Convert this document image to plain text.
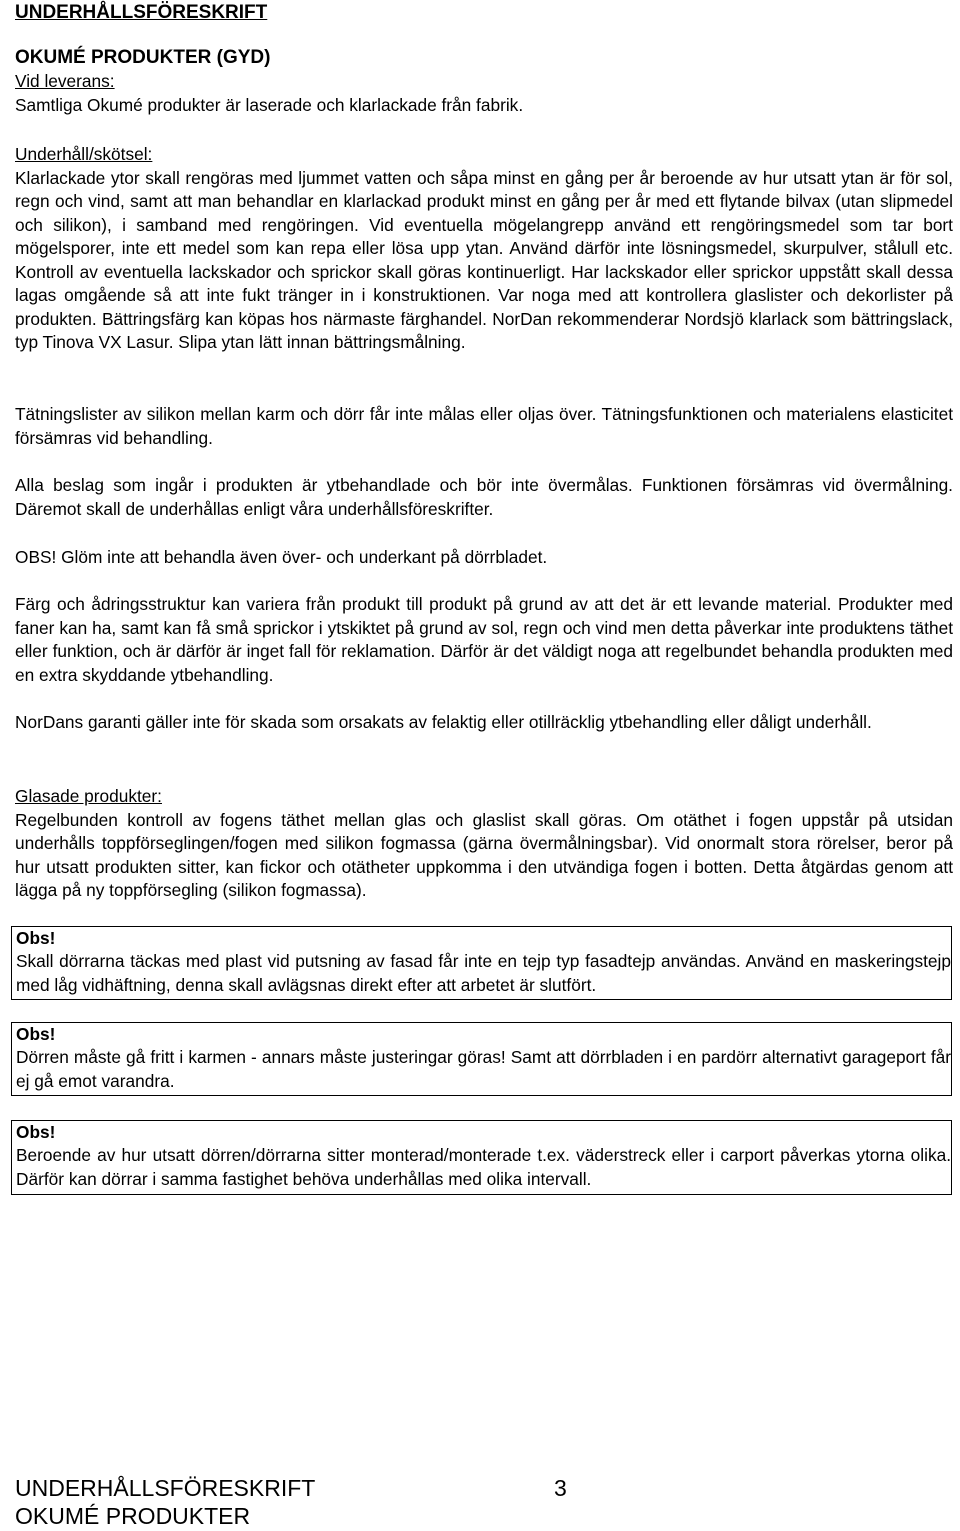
UNDERHÅLLSFÖRESKRIFT
OKUMÉ PRODUKTER (GYD)
Vid leverans:
Samtliga Okumé produkter är laserade och klarlackade från fabrik.
Underhåll/skötsel:

Klarlackade ytor skall rengöras med ljummet vatten och såpa minst en gång per år beroende av hur utsatt ytan är för sol, regn och vind, samt att man behandlar en klarlackad produkt minst en gång per år med ett flytande bilvax (utan slipmedel och silikon), i samband med rengöringen. Vid eventuella mögelangrepp använd ett rengöringsmedel som tar bort mögelsporer, inte ett medel som kan repa eller lösa upp ytan. Använd därför inte lösningsmedel, skurpulver, stålull etc. Kontroll av eventuella lackskador och sprickor skall göras kontinuerligt. Har lackskador eller sprickor uppstått skall dessa lagas omgående så att inte fukt tränger in i konstruktionen. Var noga med att kontrollera glaslister och dekorlister på produkten. Bättringsfärg kan köpas hos närmaste färghandel. NorDan rekommenderar Nordsjö klarlack som bättringslack, typ Tinova VX Lasur. Slipa ytan lätt innan bättringsmålning.

Tätningslister av silikon mellan karm och dörr får inte målas eller oljas över. Tätningsfunktionen och materialens elasticitet försämras vid behandling.

Alla beslag som ingår i produkten är ytbehandlade och bör inte övermålas. Funktionen försämras vid övermålning. Däremot skall de underhållas enligt våra underhållsföreskrifter.

OBS! Glöm inte att behandla även över- och underkant på dörrbladet.

Färg och ådringsstruktur kan variera från produkt till produkt på grund av att det är ett levande material. Produkter med faner kan ha, samt kan få små sprickor i ytskiktet på grund av sol, regn och vind men detta påverkar inte produktens täthet eller funktion, och är därför är inget fall för reklamation. Därför är det väldigt noga att regelbundet behandla produkten med en extra skyddande ytbehandling.

NorDans garanti gäller inte för skada som orsakats av felaktig eller otillräcklig ytbehandling eller dåligt underhåll.

Glasade produkter:

Regelbunden kontroll av fogens täthet mellan glas och glaslist skall göras. Om otäthet i fogen uppstår på utsidan underhålls toppförseglingen/fogen med silikon fogmassa (gärna övermålningsbar). Vid onormalt stora rörelser, beror på hur utsatt produkten sitter, kan fickor och otätheter uppkomma i den utvändiga fogen i botten. Detta åtgärdas genom att lägga på ny toppförsegling (silikon fogmassa).

Obs!

Skall dörrarna täckas med plast vid putsning av fasad får inte en tejp typ fasadtejp användas. Använd en maskeringstejp med låg vidhäftning, denna skall avlägsnas direkt efter att arbetet är slutfört.

Obs!

Dörren måste gå fritt i karmen - annars måste justeringar göras! Samt att dörrbladen i en pardörr alternativt garageport får ej gå emot varandra.

Obs!

Beroende av hur utsatt dörren/dörrarna sitter monterad/monterade t.ex. väderstreck eller i carport påverkas ytorna olika. Därför kan dörrar i samma fastighet behöva underhållas med olika intervall.

UNDERHÅLLSFÖRESKRIFT	3
OKUMÉ PRODUKTER
